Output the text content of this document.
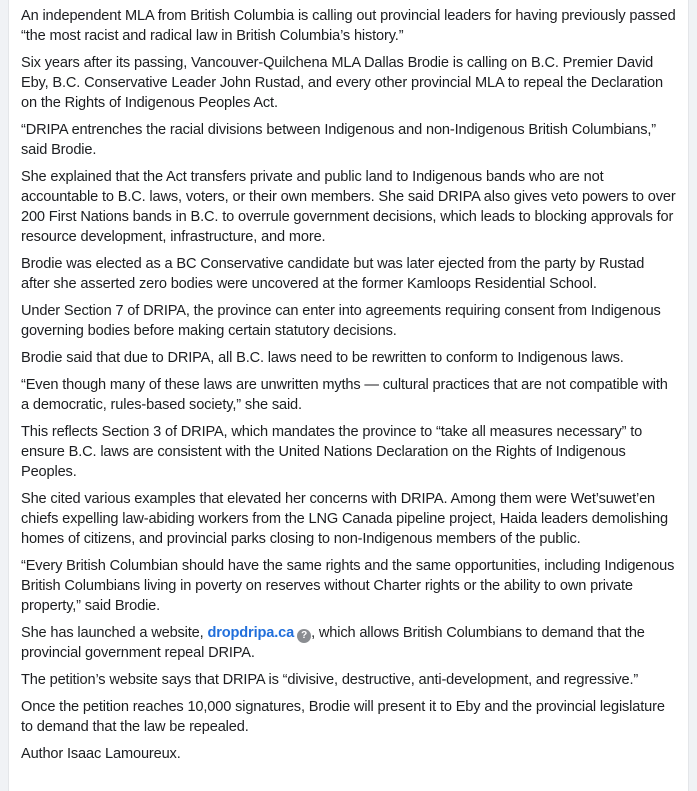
An independent MLA from British Columbia is calling out provincial leaders for having previously passed “the most racist and radical law in British Columbia’s history.”

Six years after its passing, Vancouver-Quilchena MLA Dallas Brodie is calling on B.C. Premier David Eby, B.C. Conservative Leader John Rustad, and every other provincial MLA to repeal the Declaration on the Rights of Indigenous Peoples Act.

“DRIPA entrenches the racial divisions between Indigenous and non-Indigenous British Columbians,” said Brodie.

She explained that the Act transfers private and public land to Indigenous bands who are not accountable to B.C. laws, voters, or their own members. She said DRIPA also gives veto powers to over 200 First Nations bands in B.C. to overrule government decisions, which leads to blocking approvals for resource development, infrastructure, and more.

Brodie was elected as a BC Conservative candidate but was later ejected from the party by Rustad after she asserted zero bodies were uncovered at the former Kamloops Residential School.

Under Section 7 of DRIPA, the province can enter into agreements requiring consent from Indigenous governing bodies before making certain statutory decisions.

Brodie said that due to DRIPA, all B.C. laws need to be rewritten to conform to Indigenous laws.

“Even though many of these laws are unwritten myths — cultural practices that are not compatible with a democratic, rules-based society,” she said.

This reflects Section 3 of DRIPA, which mandates the province to “take all measures necessary” to ensure B.C. laws are consistent with the United Nations Declaration on the Rights of Indigenous Peoples.

She cited various examples that elevated her concerns with DRIPA. Among them were Wet’suwet’en chiefs expelling law-abiding workers from the LNG Canada pipeline project, Haida leaders demolishing homes of citizens, and provincial parks closing to non-Indigenous members of the public.

“Every British Columbian should have the same rights and the same opportunities, including Indigenous British Columbians living in poverty on reserves without Charter rights or the ability to own private property,” said Brodie.

She has launched a website, dropdripa.ca ? , which allows British Columbians to demand that the provincial government repeal DRIPA.

The petition’s website says that DRIPA is “divisive, destructive, anti-development, and regressive.”

Once the petition reaches 10,000 signatures, Brodie will present it to Eby and the provincial legislature to demand that the law be repealed.

Author Isaac Lamoureux.
